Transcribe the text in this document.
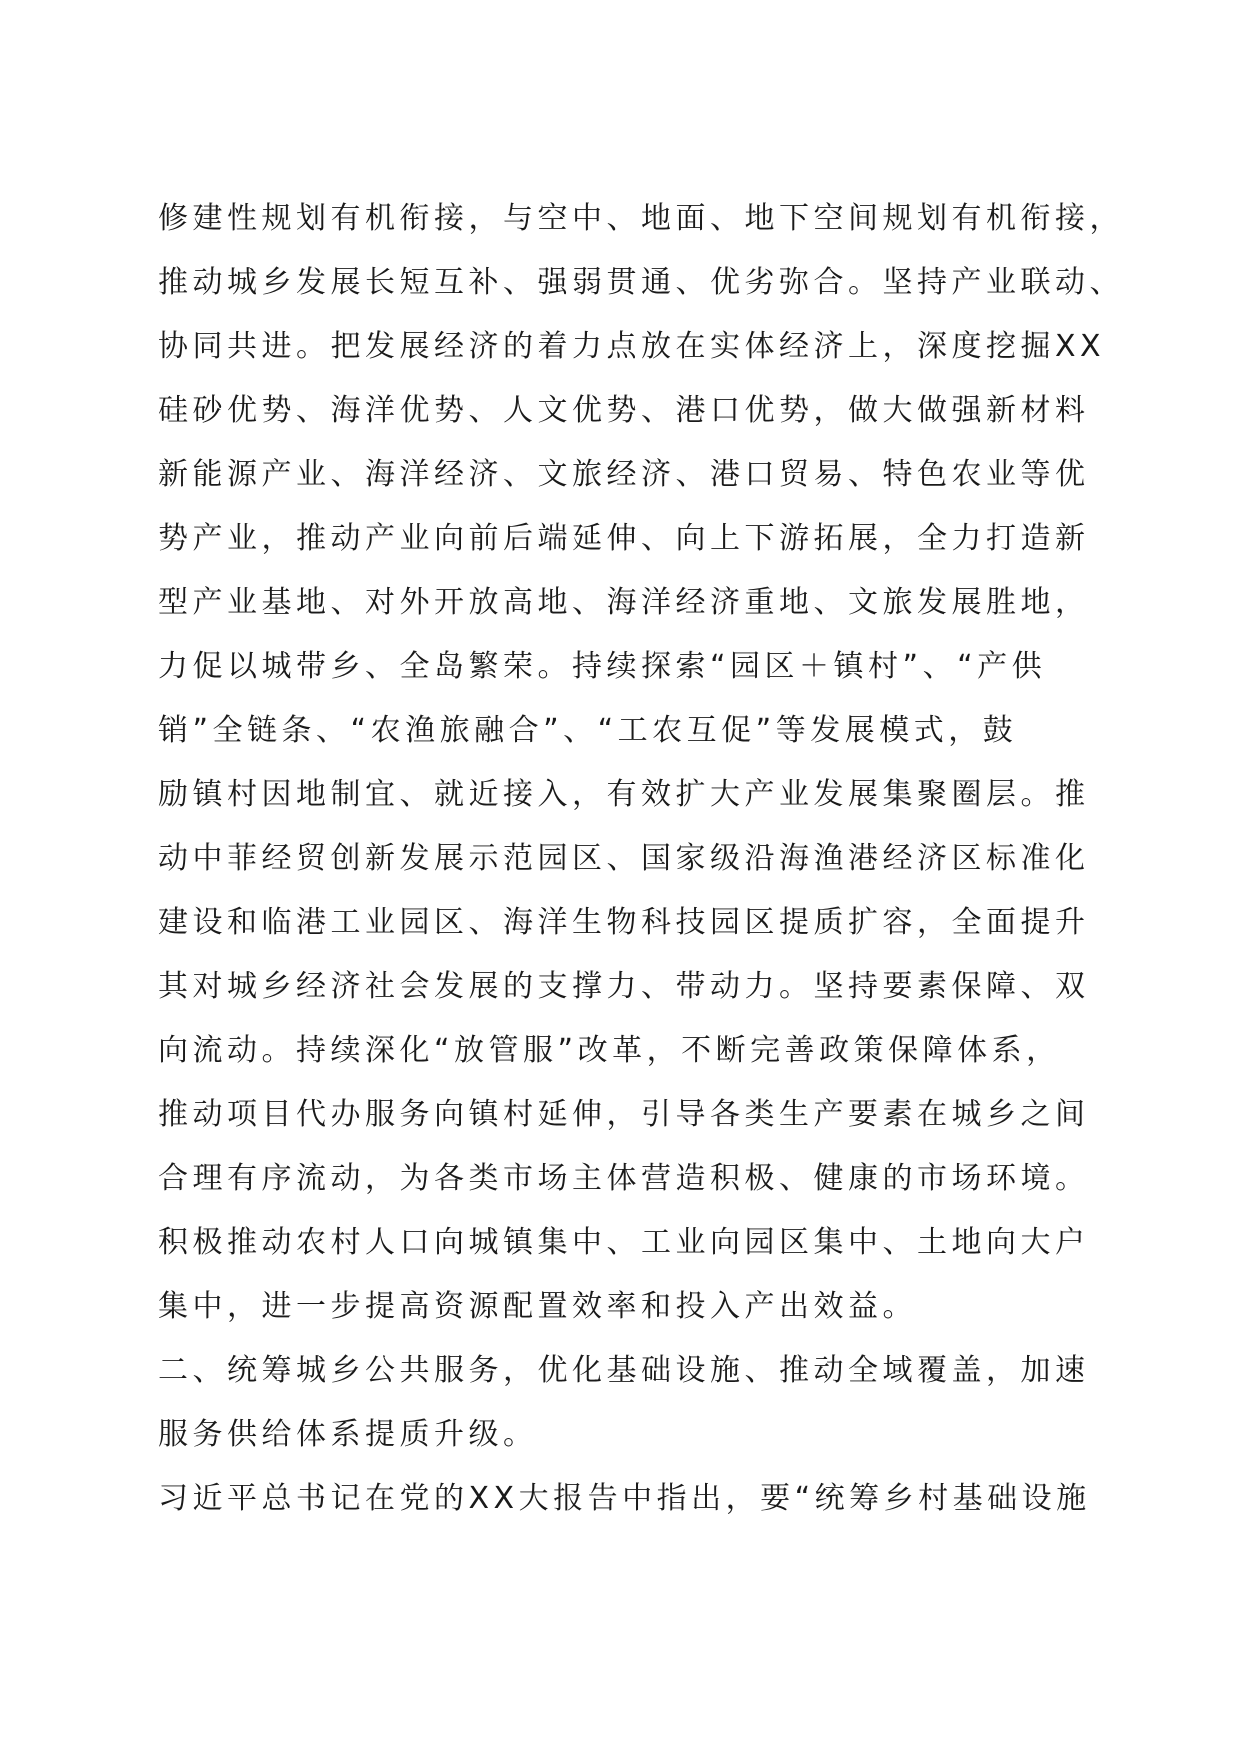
修建性规划有机衔接，与空中、地面、地下空间规划有机衔接，
推动城乡发展长短互补、强弱贯通、优劣弥合。坚持产业联动、
协同共进。把发展经济的着力点放在实体经济上，深度挖掘XX
硅砂优势、海洋优势、人文优势、港口优势，做大做强新材料
新能源产业、海洋经济、文旅经济、港口贸易、特色农业等优
势产业，推动产业向前后端延伸、向上下游拓展，全力打造新
型产业基地、对外开放高地、海洋经济重地、文旅发展胜地，
力促以城带乡、全岛繁荣。持续探索“园区＋镇村”、“产供
销”全链条、“农渔旅融合”、“工农互促”等发展模式，鼓
励镇村因地制宜、就近接入，有效扩大产业发展集聚圈层。推
动中菲经贸创新发展示范园区、国家级沿海渔港经济区标准化
建设和临港工业园区、海洋生物科技园区提质扩容，全面提升
其对城乡经济社会发展的支撑力、带动力。坚持要素保障、双
向流动。持续深化“放管服”改革，不断完善政策保障体系，
推动项目代办服务向镇村延伸，引导各类生产要素在城乡之间
合理有序流动，为各类市场主体营造积极、健康的市场环境。
积极推动农村人口向城镇集中、工业向园区集中、土地向大户
集中，进一步提高资源配置效率和投入产出效益。
二、统筹城乡公共服务，优化基础设施、推动全域覆盖，加速
服务供给体系提质升级。
习近平总书记在党的XX大报告中指出，要“统筹乡村基础设施
